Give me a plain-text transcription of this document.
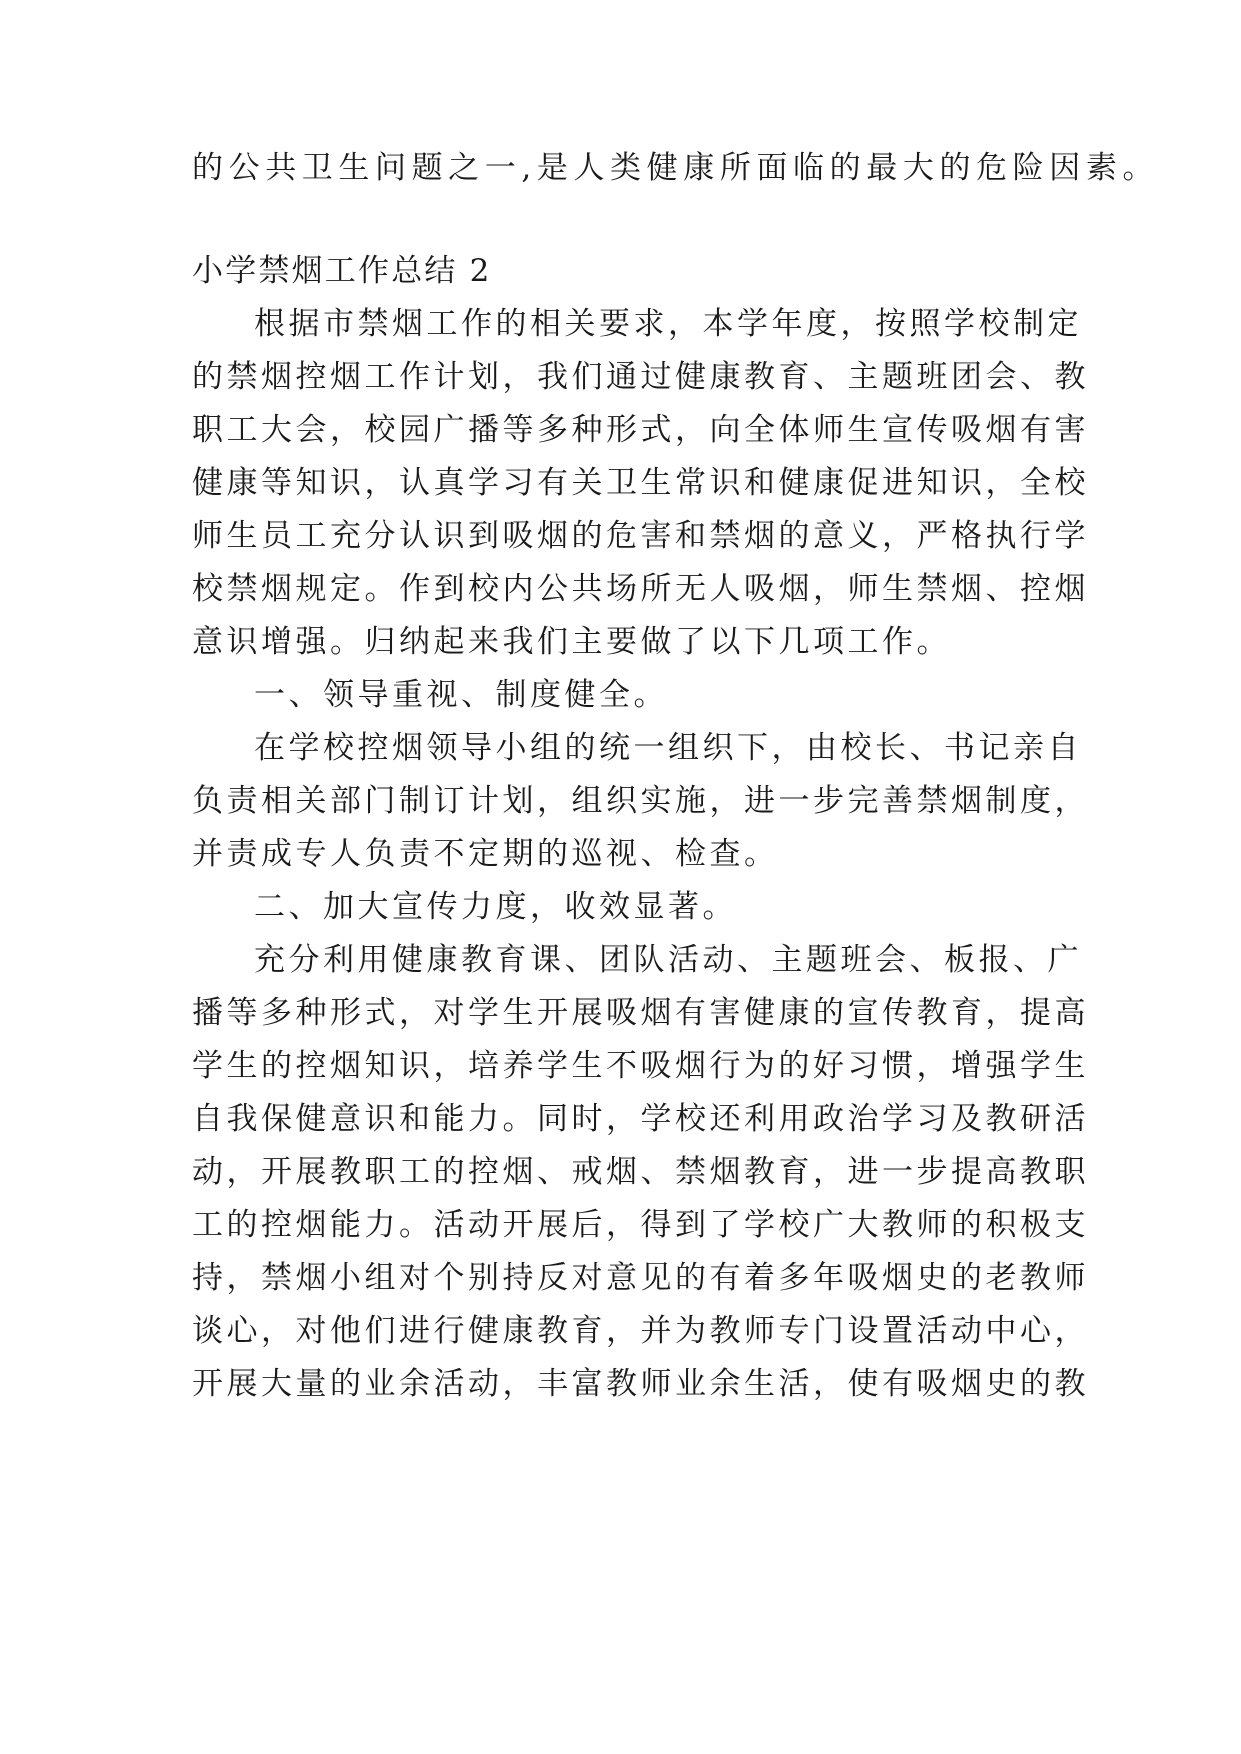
的公共卫生问题之一,是人类健康所面临的最大的危险因素。
小学禁烟工作总结 2
根据市禁烟工作的相关要求，本学年度，按照学校制定
的禁烟控烟工作计划，我们通过健康教育、主题班团会、教
职工大会，校园广播等多种形式，向全体师生宣传吸烟有害
健康等知识，认真学习有关卫生常识和健康促进知识，全校
师生员工充分认识到吸烟的危害和禁烟的意义，严格执行学
校禁烟规定。作到校内公共场所无人吸烟，师生禁烟、控烟
意识增强。归纳起来我们主要做了以下几项工作。
一、领导重视、制度健全。
在学校控烟领导小组的统一组织下，由校长、书记亲自
负责相关部门制订计划，组织实施，进一步完善禁烟制度，
并责成专人负责不定期的巡视、检查。
二、加大宣传力度，收效显著。
充分利用健康教育课、团队活动、主题班会、板报、广
播等多种形式，对学生开展吸烟有害健康的宣传教育，提高
学生的控烟知识，培养学生不吸烟行为的好习惯，增强学生
自我保健意识和能力。同时，学校还利用政治学习及教研活
动，开展教职工的控烟、戒烟、禁烟教育，进一步提高教职
工的控烟能力。活动开展后，得到了学校广大教师的积极支
持，禁烟小组对个别持反对意见的有着多年吸烟史的老教师
谈心，对他们进行健康教育，并为教师专门设置活动中心，
开展大量的业余活动，丰富教师业余生活，使有吸烟史的教
